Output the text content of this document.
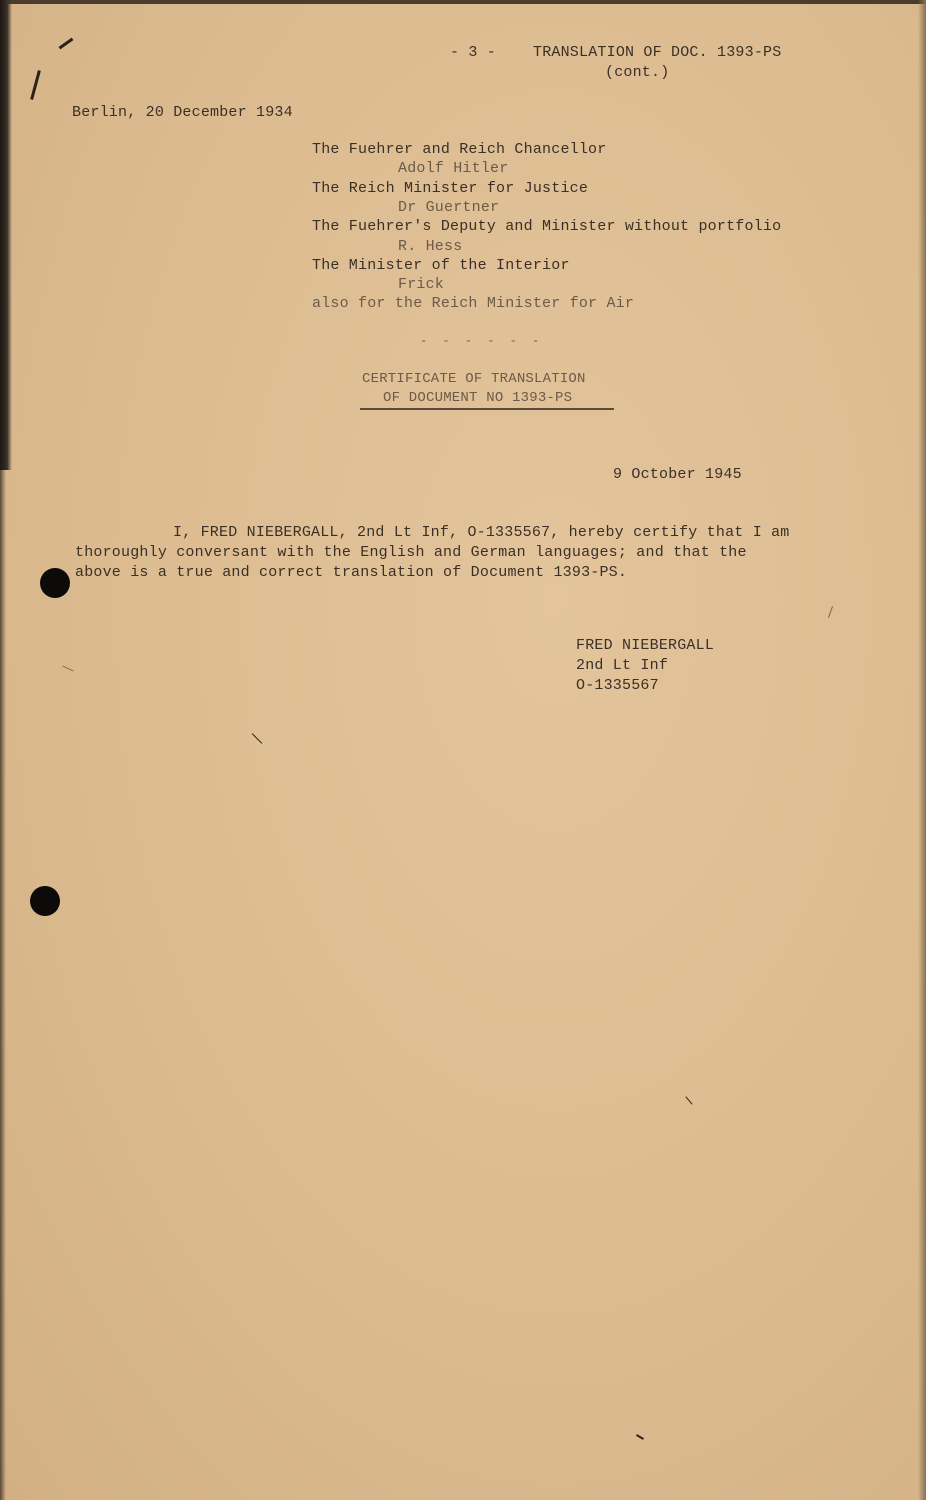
- 3 - TRANSLATION OF DOC. 1393-PS
(cont.)
Berlin, 20 December 1934
The Fuehrer and Reich Chancellor
Adolf Hitler
The Reich Minister for Justice
Dr Guertner
The Fuehrer's Deputy and Minister without portfolio
R. Hess
The Minister of the Interior
Frick
also for the Reich Minister for Air
- - - - - -
CERTIFICATE OF TRANSLATION
OF DOCUMENT NO 1393-PS
9 October 1945
I, FRED NIEBERGALL, 2nd Lt Inf, O-1335567, hereby certify that I am
thoroughly conversant with the English and German languages; and that the
above is a true and correct translation of Document 1393-PS.
FRED NIEBERGALL
2nd Lt Inf
O-1335567
